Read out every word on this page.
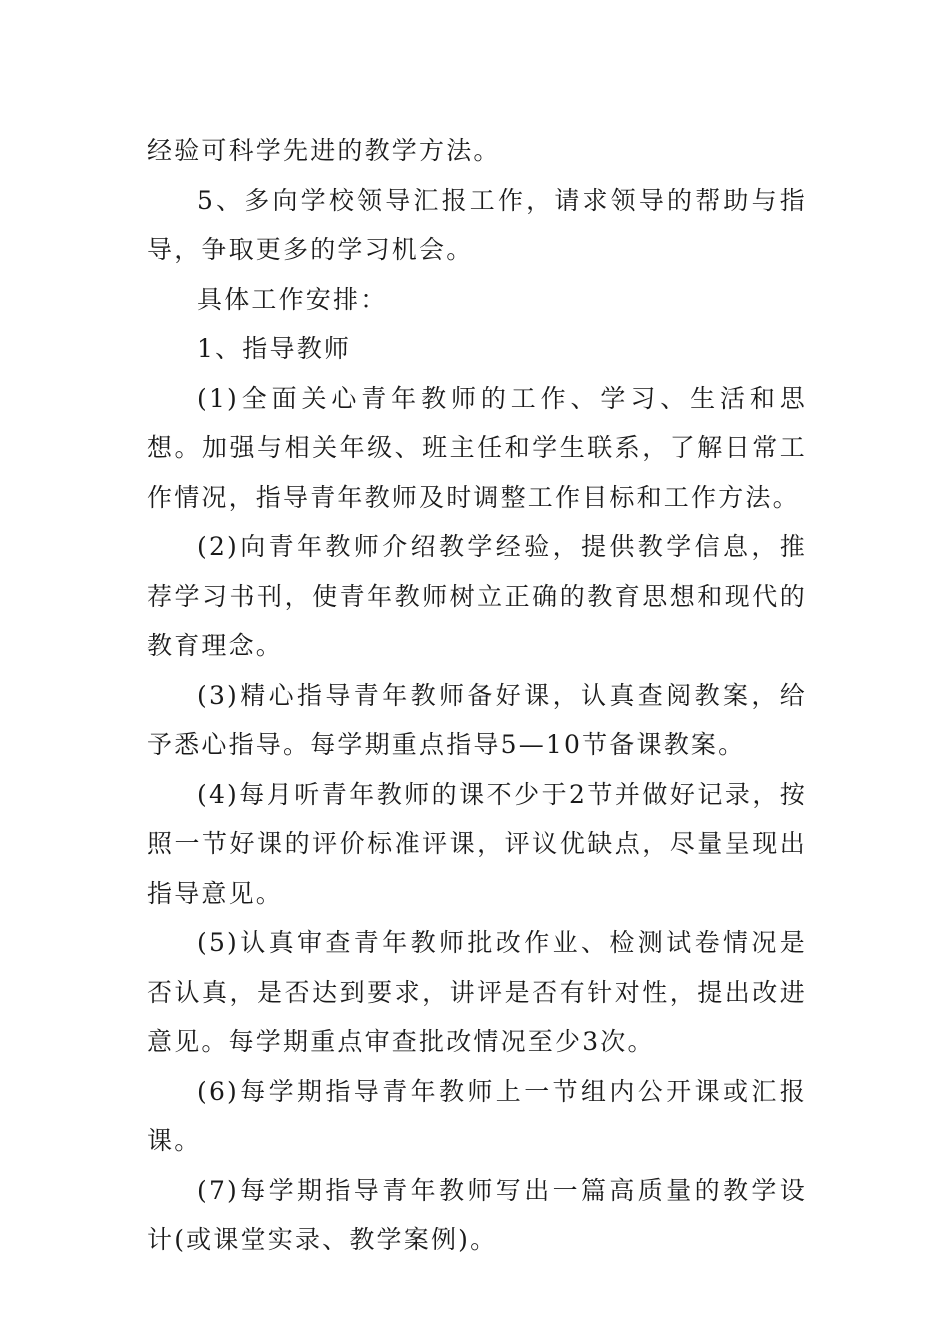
经验可科学先进的教学方法。

5、多向学校领导汇报工作，请求领导的帮助与指导，争取更多的学习机会。

具体工作安排：

1、指导教师

(1)全面关心青年教师的工作、学习、生活和思想。加强与相关年级、班主任和学生联系，了解日常工作情况，指导青年教师及时调整工作目标和工作方法。

(2)向青年教师介绍教学经验，提供教学信息，推荐学习书刊，使青年教师树立正确的教育思想和现代的教育理念。

(3)精心指导青年教师备好课，认真查阅教案，给予悉心指导。每学期重点指导5—10节备课教案。

(4)每月听青年教师的课不少于2节并做好记录，按照一节好课的评价标准评课，评议优缺点，尽量呈现出指导意见。

(5)认真审查青年教师批改作业、检测试卷情况是否认真，是否达到要求，讲评是否有针对性，提出改进意见。每学期重点审查批改情况至少3次。

(6)每学期指导青年教师上一节组内公开课或汇报课。

(7)每学期指导青年教师写出一篇高质量的教学设计(或课堂实录、教学案例)。
